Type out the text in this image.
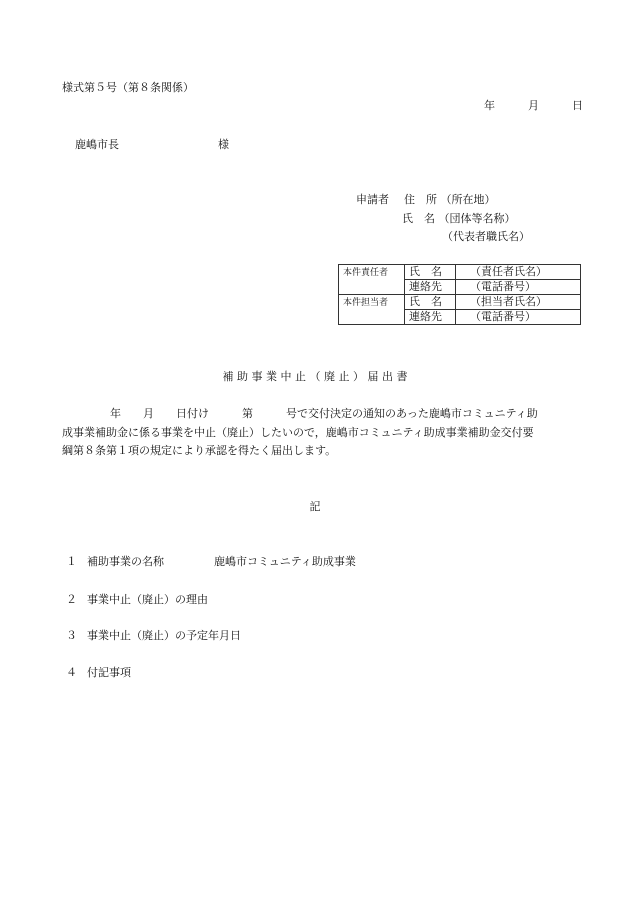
様式第５号（第８条関係）
年	月	日
鹿嶋市長	様
申請者 住　所 （所在地）
氏　名 （団体等名称）
（代表者職氏名）
本件責任者	氏　名	（責任者氏名）
	連絡先	（電話番号）
本件担当者	氏　名	（担当者氏名）
	連絡先	（電話番号）
補 助 事 業 中 止 （ 廃 止 ） 届 出 書
年　　月　　日付け　　　第　　　号で交付決定の通知のあった鹿嶋市コミュニティ助
成事業補助金に係る事業を中止（廃止）したいので，鹿嶋市コミュニティ助成事業補助金交付要
綱第８条第１項の規定により承認を得たく届出します。
記
１ 補助事業の名称	鹿嶋市コミュニティ助成事業
２ 事業中止（廃止）の理由
３ 事業中止（廃止）の予定年月日
４ 付記事項
